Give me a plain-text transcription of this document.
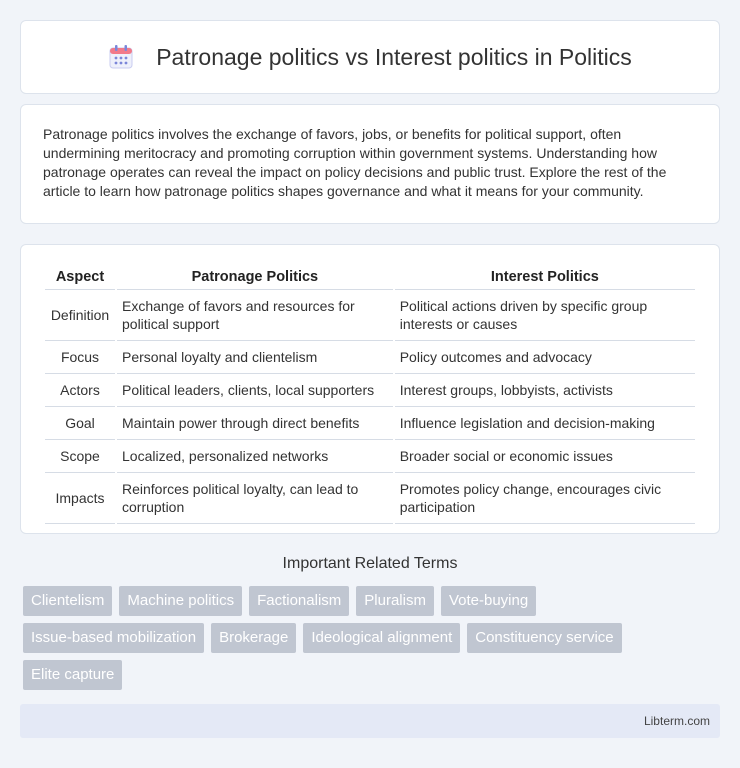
Patronage politics vs Interest politics in Politics

Patronage politics involves the exchange of favors, jobs, or benefits for political support, often undermining meritocracy and promoting corruption within government systems. Understanding how patronage operates can reveal the impact on policy decisions and public trust. Explore the rest of the article to learn how patronage politics shapes governance and what it means for your community.

Aspect	Patronage Politics	Interest Politics
Definition	Exchange of favors and resources for political support	Political actions driven by specific group interests or causes
Focus	Personal loyalty and clientelism	Policy outcomes and advocacy
Actors	Political leaders, clients, local supporters	Interest groups, lobbyists, activists
Goal	Maintain power through direct benefits	Influence legislation and decision-making
Scope	Localized, personalized networks	Broader social or economic issues
Impacts	Reinforces political loyalty, can lead to corruption	Promotes policy change, encourages civic participation
Important Related Terms
Clientelism	Machine politics	Factionalism	Pluralism	Vote-buying
Issue-based mobilization	Brokerage	Ideological alignment	Constituency service
Elite capture
Libterm.com
